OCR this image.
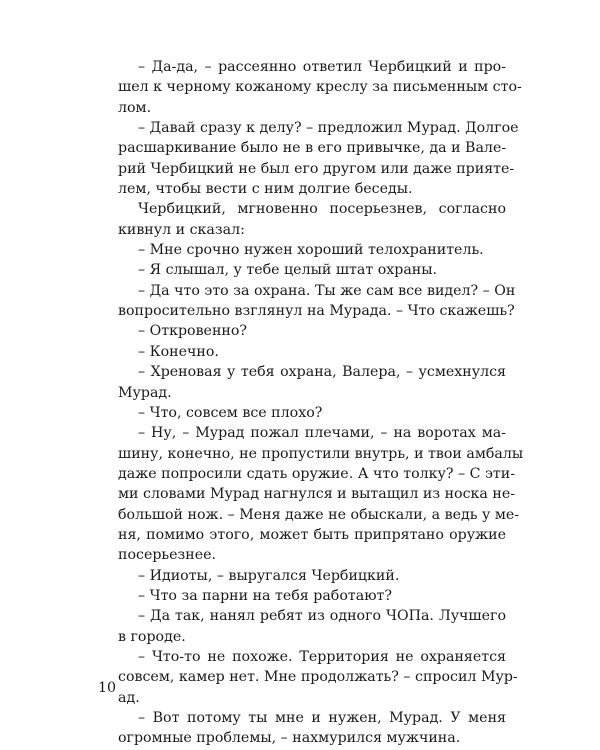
– Да-да, – рассеянно ответил Чербицкий и про-
шел к черному кожаному креслу за письменным сто-
лом.
– Давай сразу к делу? – предложил Мурад. Долгое
расшаркивание было не в его привычке, да и Вале-
рий Чербицкий не был его другом или даже прияте-
лем, чтобы вести с ним долгие беседы.
Чербицкий, мгновенно посерьезнев, согласно
кивнул и сказал:
– Мне срочно нужен хороший телохранитель.
– Я слышал, у тебе целый штат охраны.
– Да что это за охрана. Ты же сам все видел? – Он
вопросительно взглянул на Мурада. – Что скажешь?
– Откровенно?
– Конечно.
– Хреновая у тебя охрана, Валера, – усмехнулся
Мурад.
– Что, совсем все плохо?
– Ну, – Мурад пожал плечами, – на воротах ма-
шину, конечно, не пропустили внутрь, и твои амбалы
даже попросили сдать оружие. А что толку? – С эти-
ми словами Мурад нагнулся и вытащил из носка не-
большой нож. – Меня даже не обыскали, а ведь у ме-
ня, помимо этого, может быть припрятано оружие
посерьезнее.
– Идиоты, – выругался Чербицкий.
– Что за парни на тебя работают?
– Да так, нанял ребят из одного ЧОПа. Лучшего
в городе.
– Что-то не похоже. Территория не охраняется
совсем, камер нет. Мне продолжать? – спросил Мур-
ад.
– Вот потому ты мне и нужен, Мурад. У меня
огромные проблемы, – нахмурился мужчина.
10
